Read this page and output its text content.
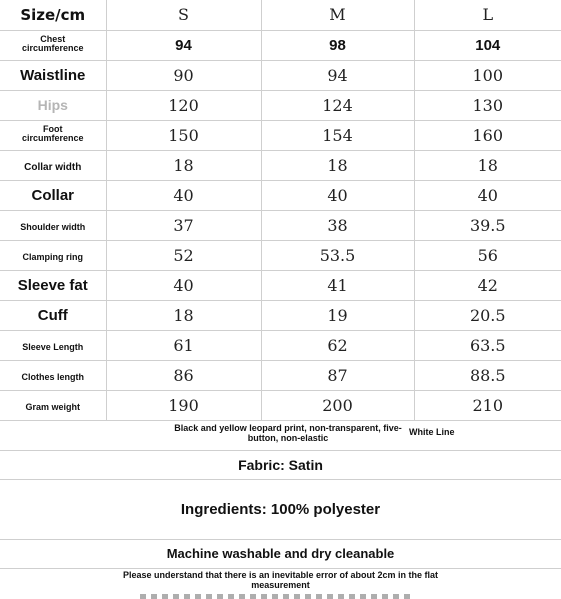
Size/cm	S	M	L
Chest circumference	94	98	104
Waistline	90	94	100
Hips	120	124	130
Foot circumference	150	154	160
Collar width	18	18	18
Collar	40	40	40
Shoulder width	37	38	39.5
Clamping ring	52	53.5	56
Sleeve fat	40	41	42
Cuff	18	19	20.5
Sleeve Length	61	62	63.5
Clothes length	86	87	88.5
Gram weight	190	200	210
Black and yellow leopard print, non-transparent, five-button, non-elastic
White Line
Fabric: Satin
Ingredients: 100% polyester
Machine washable and dry cleanable
Please understand that there is an inevitable error of about 2cm in the flat measurement
